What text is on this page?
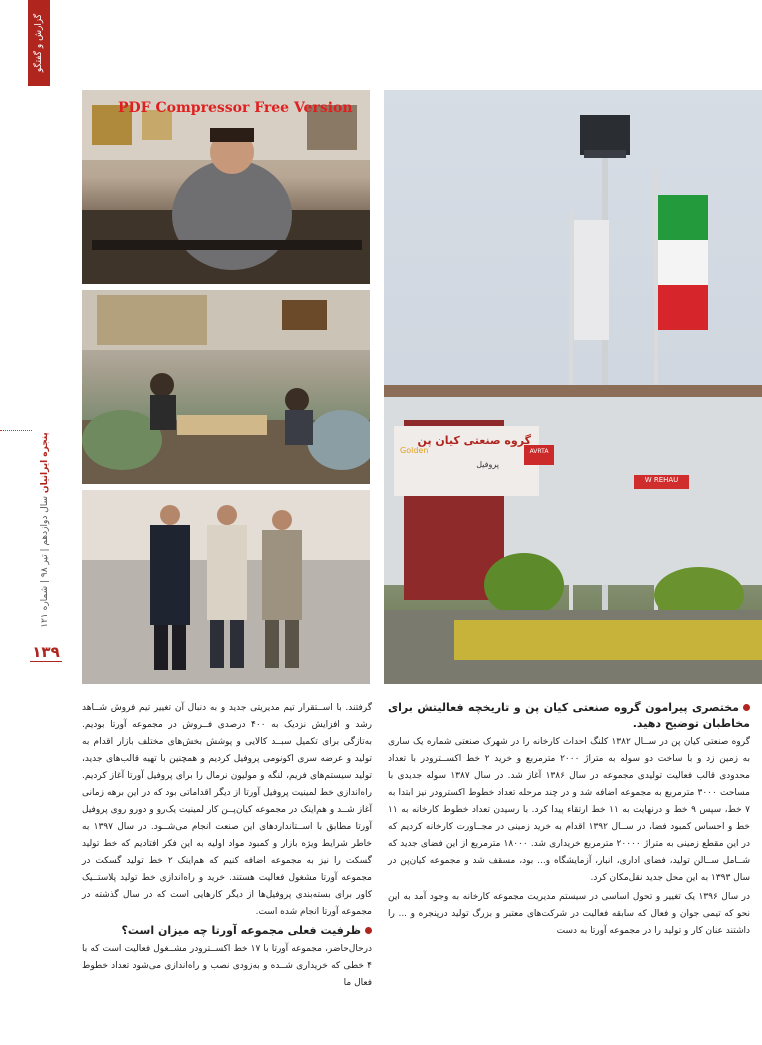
گزارش و گفتگو
پنجره ایرانیان سال دوازدهم | تیر ۹۸ | شماره ۱۲۱
۱۳۹
PDF Compressor Free Version
گروه صنعتی کیان پن
پروفیل
Golden	AVRTA
W REHAU
مختصری پیرامون گروه صنعتی کیان پن و تاریخچه فعالیتش برای مخاطبان توضیح دهید.

گروه صنعتی کیان پن در ســال ۱۳۸۲ کلنگ احداث کارخانه را در شهرک صنعتی شماره یک ساری به زمین زد و با ساخت دو سوله به متراژ ۲۰۰۰ مترمربع و خرید ۲ خط اکســترودر با تعداد محدودی قالب فعالیت تولیدی مجموعه در سال ۱۳۸۶ آغاز شد. در سال ۱۳۸۷ سوله جدیدی با مساحت ۳۰۰۰ مترمربع به مجموعه اضافه شد و در چند مرحله تعداد خطوط اکسترودر نیز ابتدا به ۷ خط، سپس ۹ خط و درنهایت به ۱۱ خط ارتقاء پیدا کرد. با رسیدن تعداد خطوط کارخانه به ۱۱ خط و احساس کمبود فضا، در ســال ۱۳۹۲ اقدام به خرید زمینی در مجــاورت کارخانه کردیم که در این مقطع زمینی به متراژ ۲۰۰۰۰ مترمربع خریداری شد. ۱۸۰۰۰ مترمربع از این فضای جدید که شــامل ســالن تولید، فضای اداری، انبار، آزمایشگاه و... بود، مسقف شد و مجموعه کیان‌پن در سال ۱۳۹۳ به این محل جدید نقل‌مکان کرد.

در سال ۱۳۹۶ یک تغییر و تحول اساسی در سیستم مدیریت مجموعه کارخانه به وجود آمد به این نحو که تیمی جوان و فعال که سابقه فعالیت در شرکت‌های معتبر و بزرگ تولید درپنجره و ... را داشتند عنان کار و تولید را در مجموعه آورتا به دست

گرفتند. با اســتقرار تیم مدیریتی جدید و به دنبال آن تغییر تیم فروش شــاهد رشد و افزایش نزدیک به ۴۰۰ درصدی فــروش در مجموعه آورتا بودیم. به‌تازگی برای تکمیل سبــد کالایی و پوشش بخش‌های مختلف بازار اقدام به تولید و عرضه سری اکونومی پروفیل کردیم و همچنین با تهیه قالب‌های جدید، تولید سیستم‌های فریم، لنگه و مولیون نرمال را برای پروفیل آورتا آغاز کردیم. راه‌اندازی خط لمینیت پروفیل آورتا از دیگر اقداماتی بود که در این برهه زمانی آغاز شــد و هم‌اینک در مجموعه کیان‌پــن کار لمینیت یک‌رو و دورو روی پروفیل آورتا مطابق با اســتانداردهای این صنعت انجام می‌شــود. در سال ۱۳۹۷ به خاطر شرایط ویژه بازار و کمبود مواد اولیه به این فکر افتادیم که خط تولید گسکت را نیز به مجموعه اضافه کنیم که هم‌اینک ۲ خط تولید گسکت در مجموعه آورتا مشغول فعالیت هستند. خرید و راه‌اندازی خط تولید پلاستــیک کاور برای بسته‌بندی پروفیل‌ها از دیگر کارهایی است که در سال گذشته در مجموعه آورتا انجام شده است.

ظرفیت فعلی مجموعه آورتا چه میزان است؟

درحال‌حاضر، مجموعه آورتا با ۱۷ خط اکســترودر مشــغول فعالیت است که با ۴ خطی که خریداری شــده و به‌زودی نصب و راه‌اندازی می‌شود تعداد خطوط فعال ما
